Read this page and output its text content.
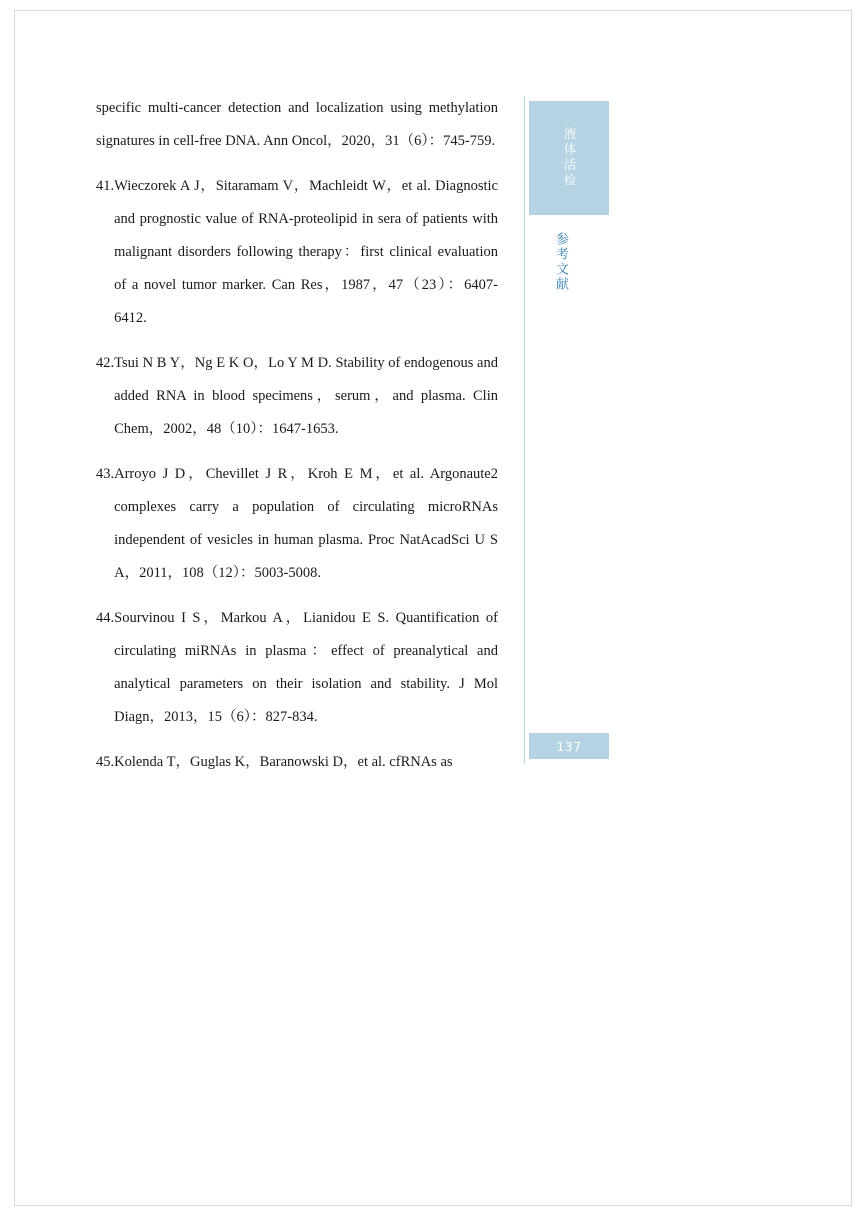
specific multi-cancer detection and localization using methylation signatures in cell-free DNA. Ann Oncol，2020，31（6）：745-759.
41. Wieczorek A J，Sitaramam V，Machleidt W，et al. Diagnostic and prognostic value of RNA-proteolipid in sera of patients with malignant disorders following therapy：first clinical evaluation of a novel tumor marker. Can Res，1987，47（23）：6407-6412.
42. Tsui N B Y，Ng E K O，Lo Y M D. Stability of endogenous and added RNA in blood specimens，serum，and plasma. Clin Chem，2002，48（10）：1647-1653.
43. Arroyo J D，Chevillet J R，Kroh E M，et al. Argonaute2 complexes carry a population of circulating microRNAs independent of vesicles in human plasma. Proc NatAcadSci U S A，2011，108（12）：5003-5008.
44. Sourvinou I S，Markou A，Lianidou E S. Quantification of circulating miRNAs in plasma：effect of preanalytical and analytical parameters on their isolation and stability. J Mol Diagn，2013，15（6）：827-834.
45. Kolenda T，Guglas K，Baranowski D，et al. cfRNAs as
液体活检
参考文献
137
